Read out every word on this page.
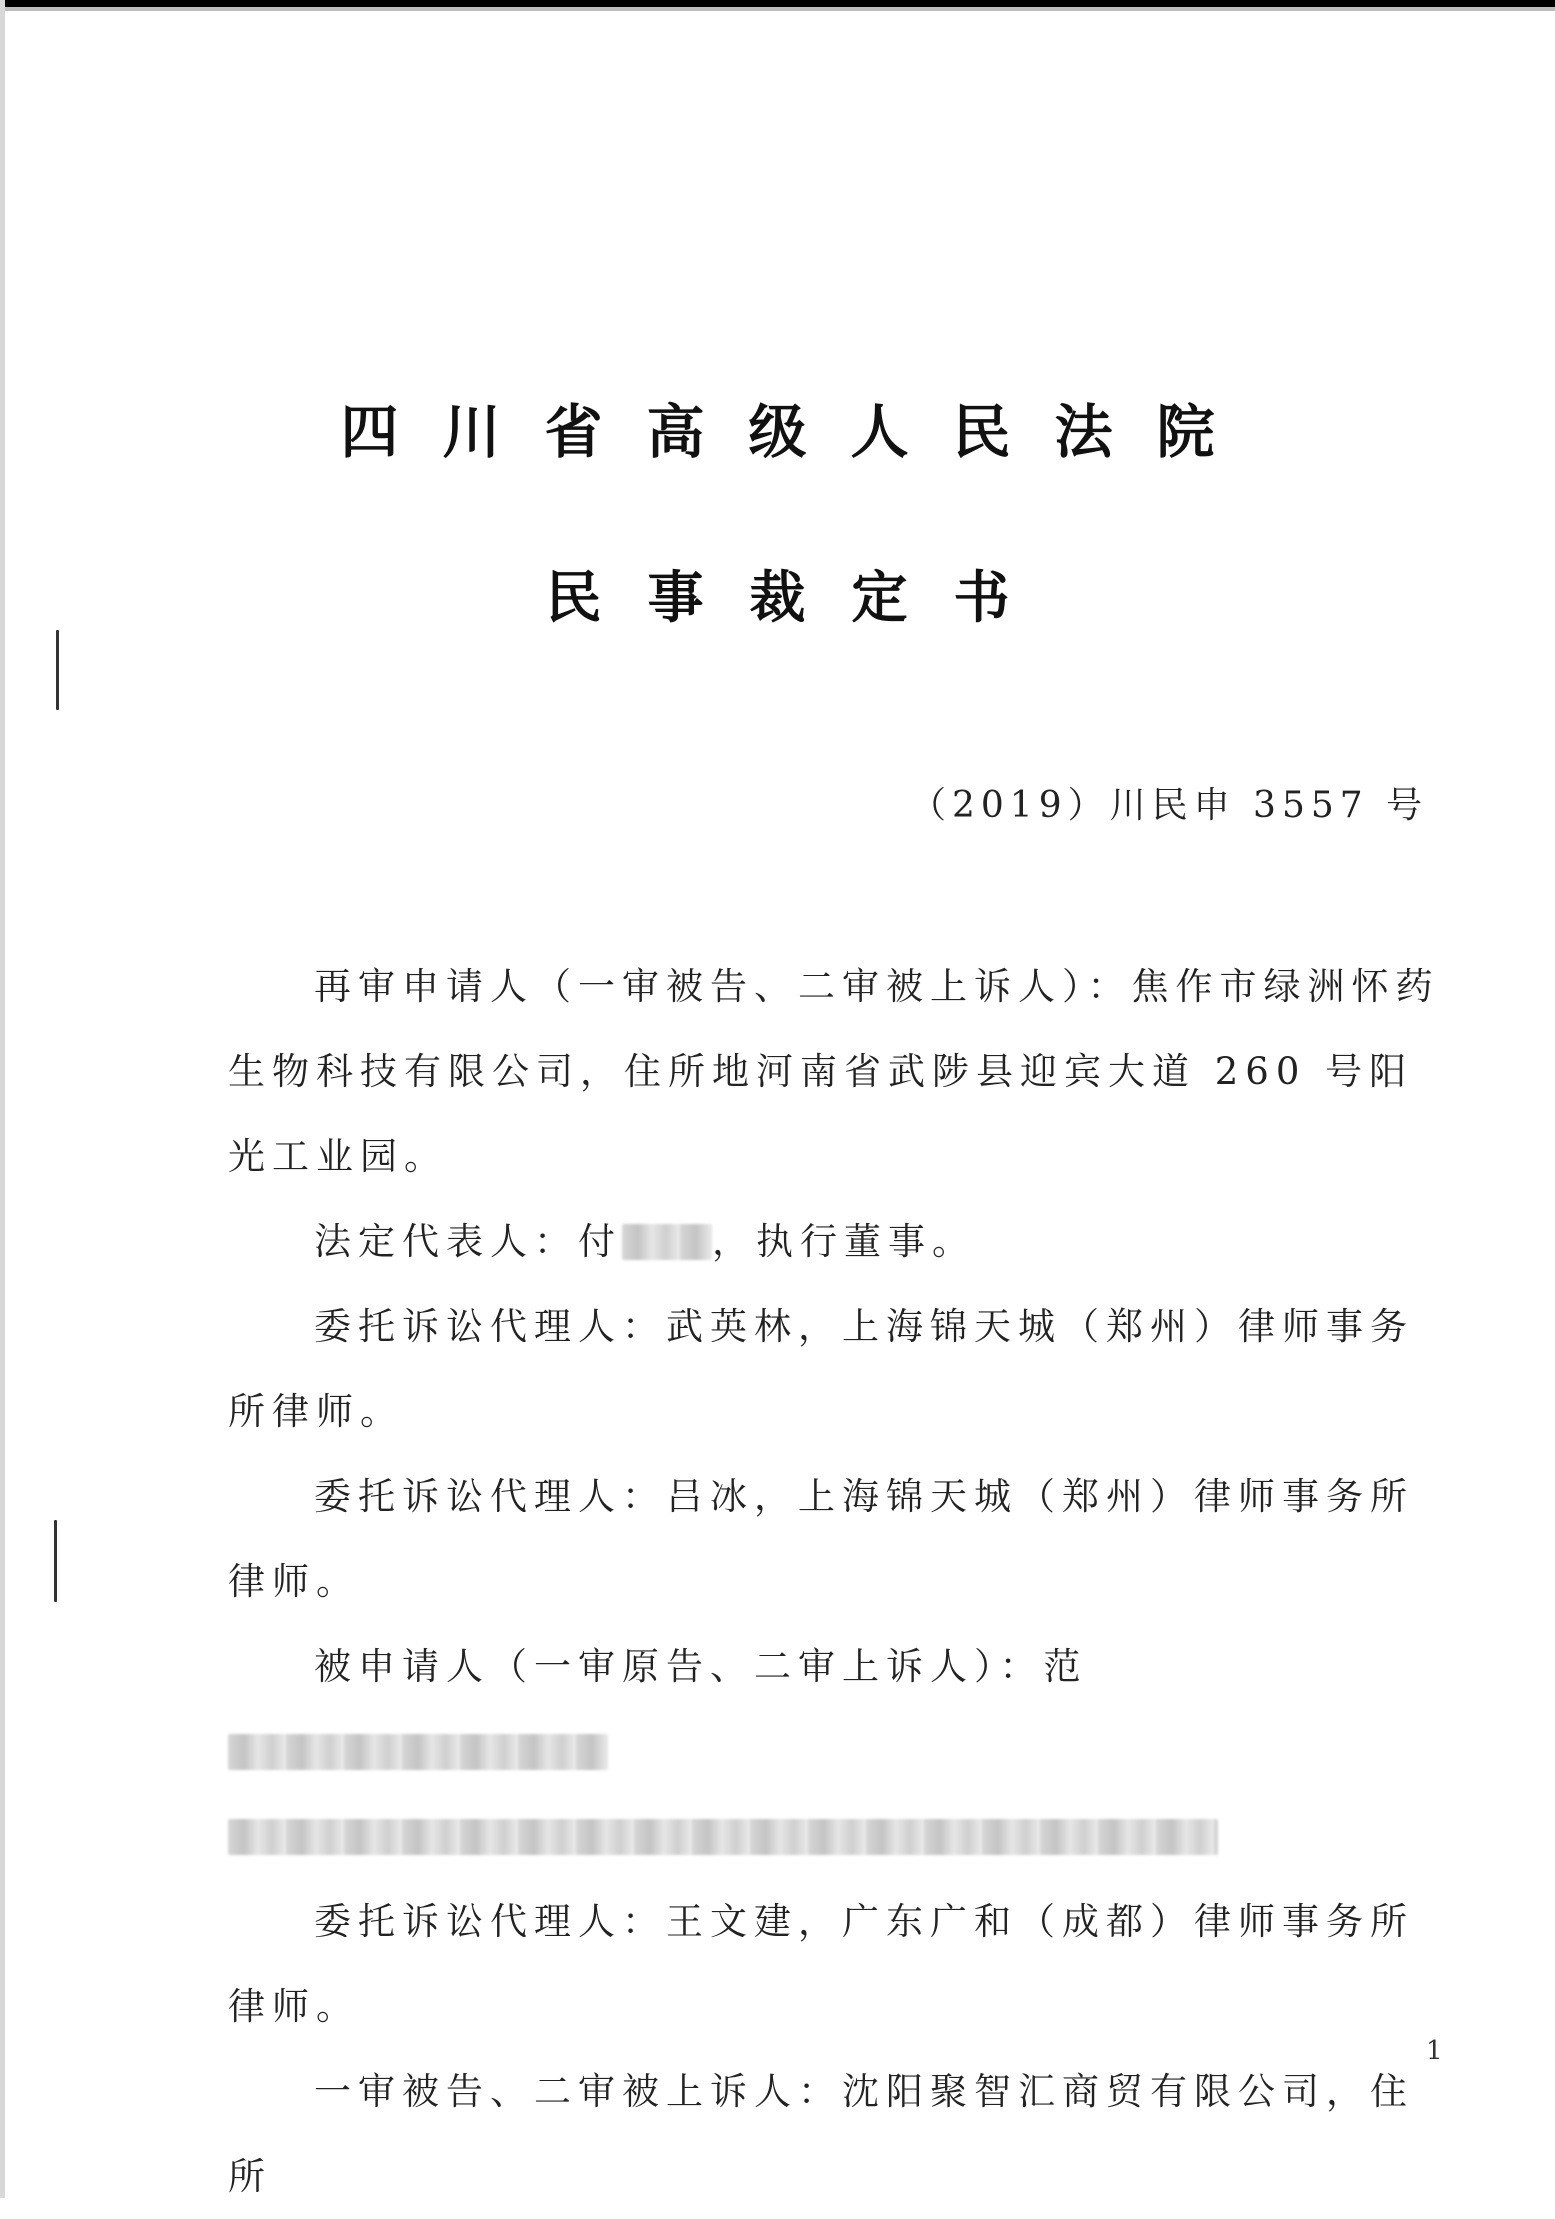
四川省高级人民法院
民事裁定书
（2019）川民申 3557 号

再审申请人（一审被告、二审被上诉人）：焦作市绿洲怀药生物科技有限公司，住所地河南省武陟县迎宾大道 260 号阳光工业园。

法定代表人：付 ，执行董事。

委托诉讼代理人：武英林，上海锦天城（郑州）律师事务所律师。

委托诉讼代理人：吕冰，上海锦天城（郑州）律师事务所律师。

被申请人（一审原告、二审上诉人）：范

委托诉讼代理人：王文建，广东广和（成都）律师事务所律师。

一审被告、二审被上诉人：沈阳聚智汇商贸有限公司，住所

1
